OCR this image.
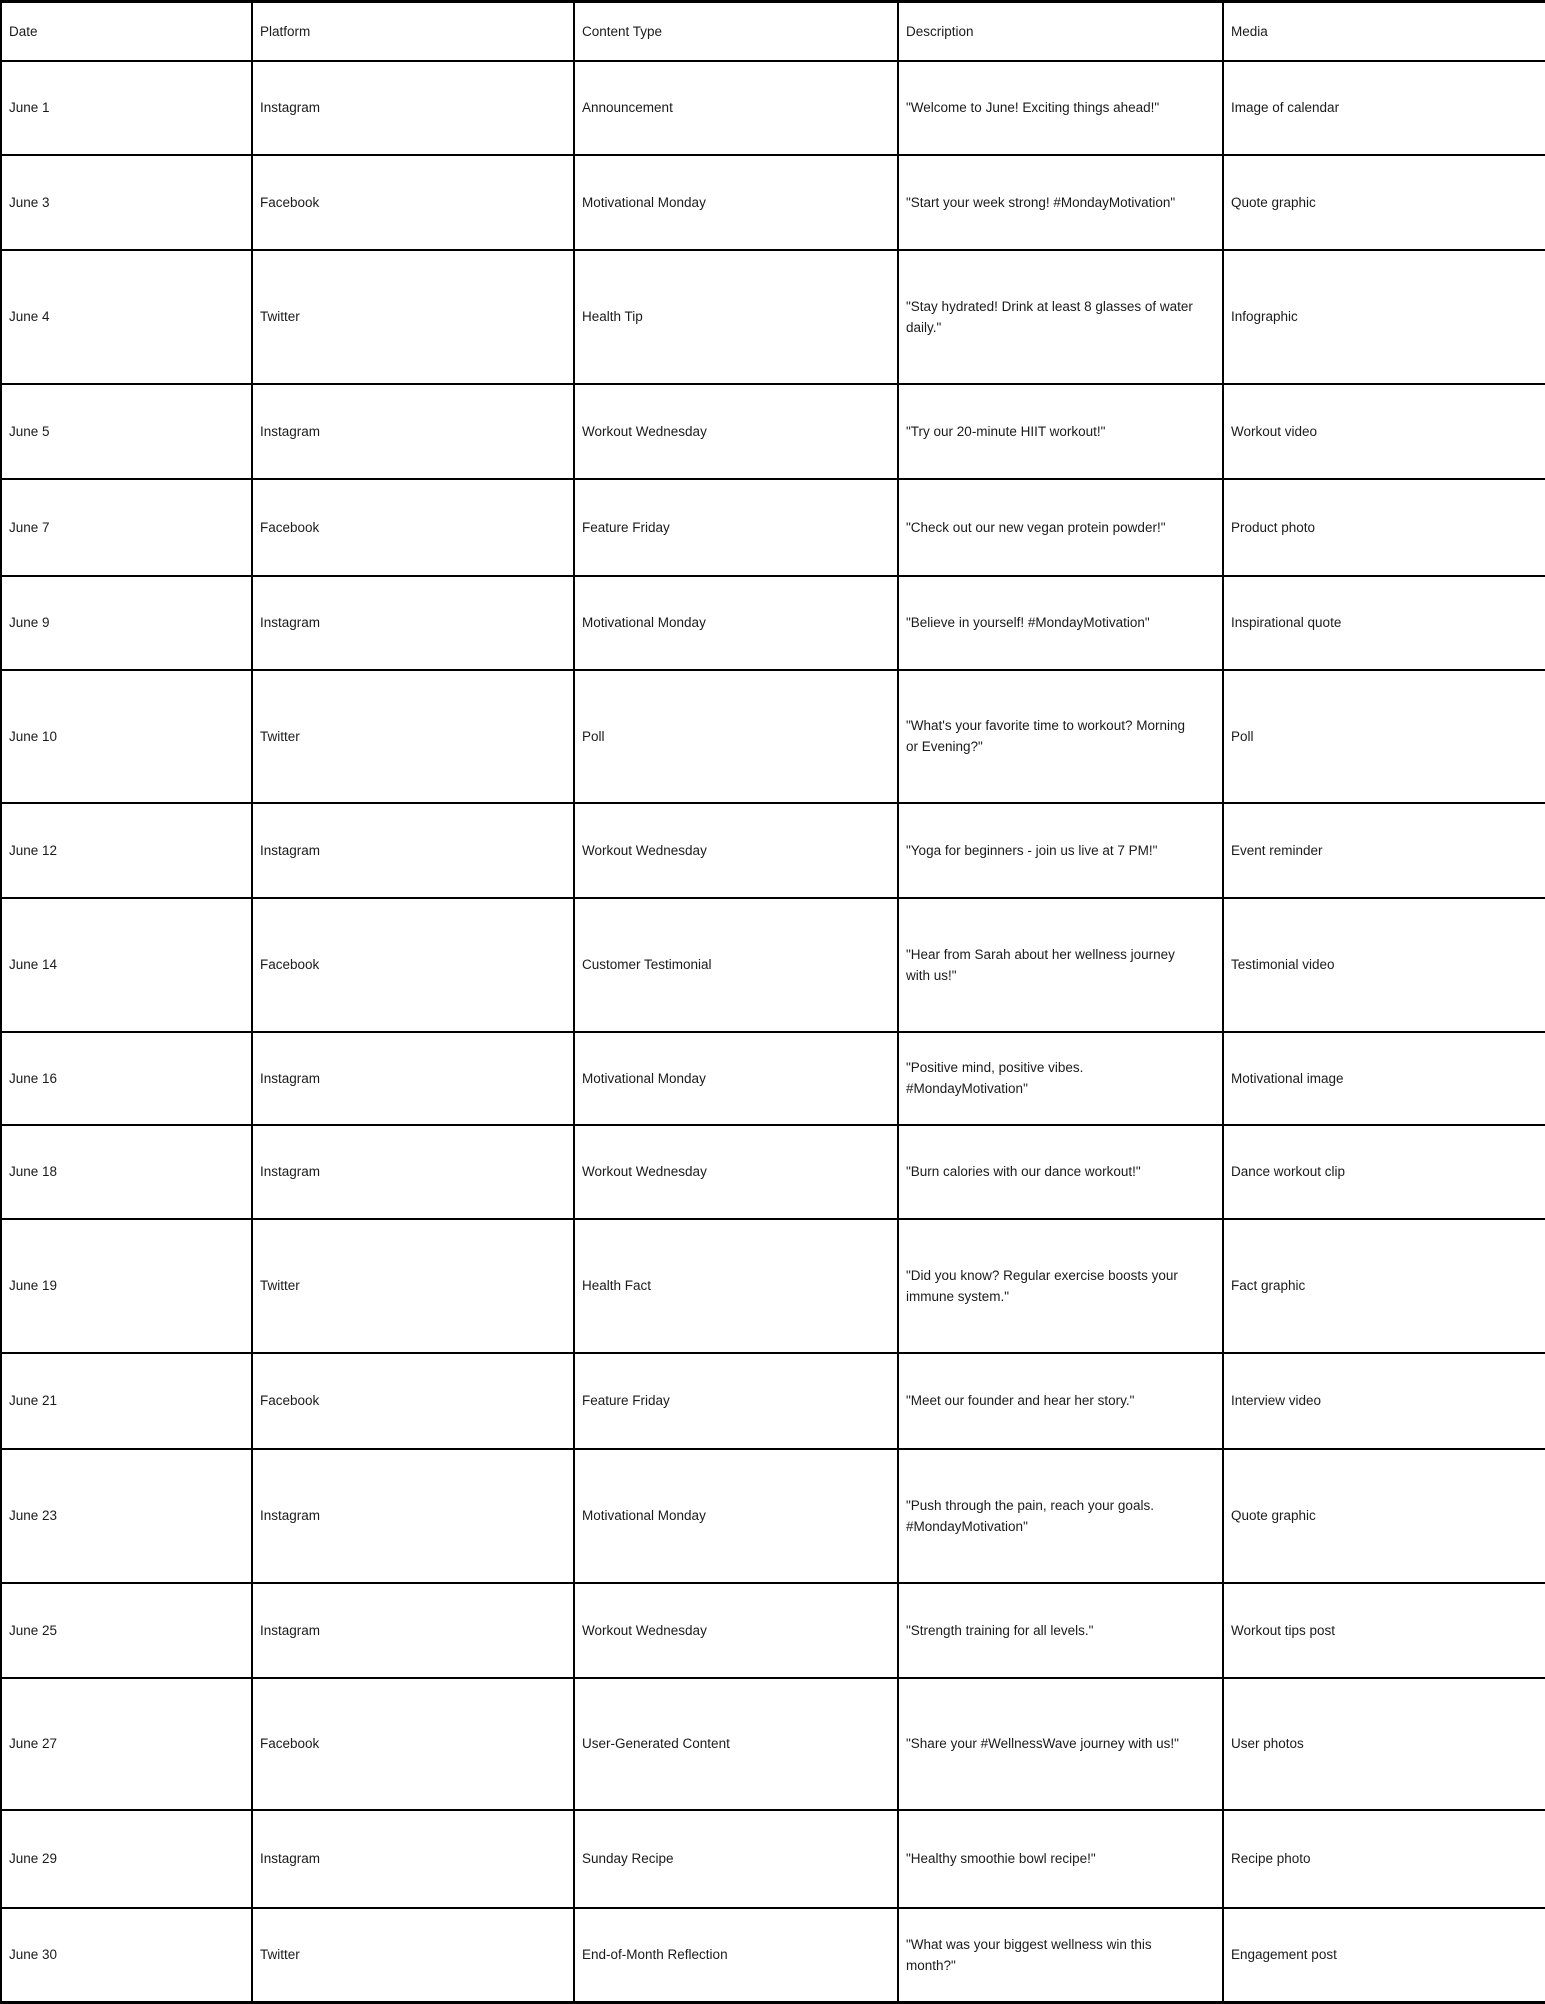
Date	Platform	Content Type	Description	Media
June 1	Instagram	Announcement	"Welcome to June! Exciting things ahead!"	Image of calendar
June 3	Facebook	Motivational Monday	"Start your week strong! #MondayMotivation"	Quote graphic
June 4	Twitter	Health Tip	"Stay hydrated! Drink at least 8 glasses of water daily."	Infographic
June 5	Instagram	Workout Wednesday	"Try our 20-minute HIIT workout!"	Workout video
June 7	Facebook	Feature Friday	"Check out our new vegan protein powder!"	Product photo
June 9	Instagram	Motivational Monday	"Believe in yourself! #MondayMotivation"	Inspirational quote
June 10	Twitter	Poll	"What's your favorite time to workout? Morning or Evening?"	Poll
June 12	Instagram	Workout Wednesday	"Yoga for beginners - join us live at 7 PM!"	Event reminder
June 14	Facebook	Customer Testimonial	"Hear from Sarah about her wellness journey with us!"	Testimonial video
June 16	Instagram	Motivational Monday	"Positive mind, positive vibes. #MondayMotivation"	Motivational image
June 18	Instagram	Workout Wednesday	"Burn calories with our dance workout!"	Dance workout clip
June 19	Twitter	Health Fact	"Did you know? Regular exercise boosts your immune system."	Fact graphic
June 21	Facebook	Feature Friday	"Meet our founder and hear her story."	Interview video
June 23	Instagram	Motivational Monday	"Push through the pain, reach your goals. #MondayMotivation"	Quote graphic
June 25	Instagram	Workout Wednesday	"Strength training for all levels."	Workout tips post
June 27	Facebook	User-Generated Content	"Share your #WellnessWave journey with us!"	User photos
June 29	Instagram	Sunday Recipe	"Healthy smoothie bowl recipe!"	Recipe photo
June 30	Twitter	End-of-Month Reflection	"What was your biggest wellness win this month?"	Engagement post
